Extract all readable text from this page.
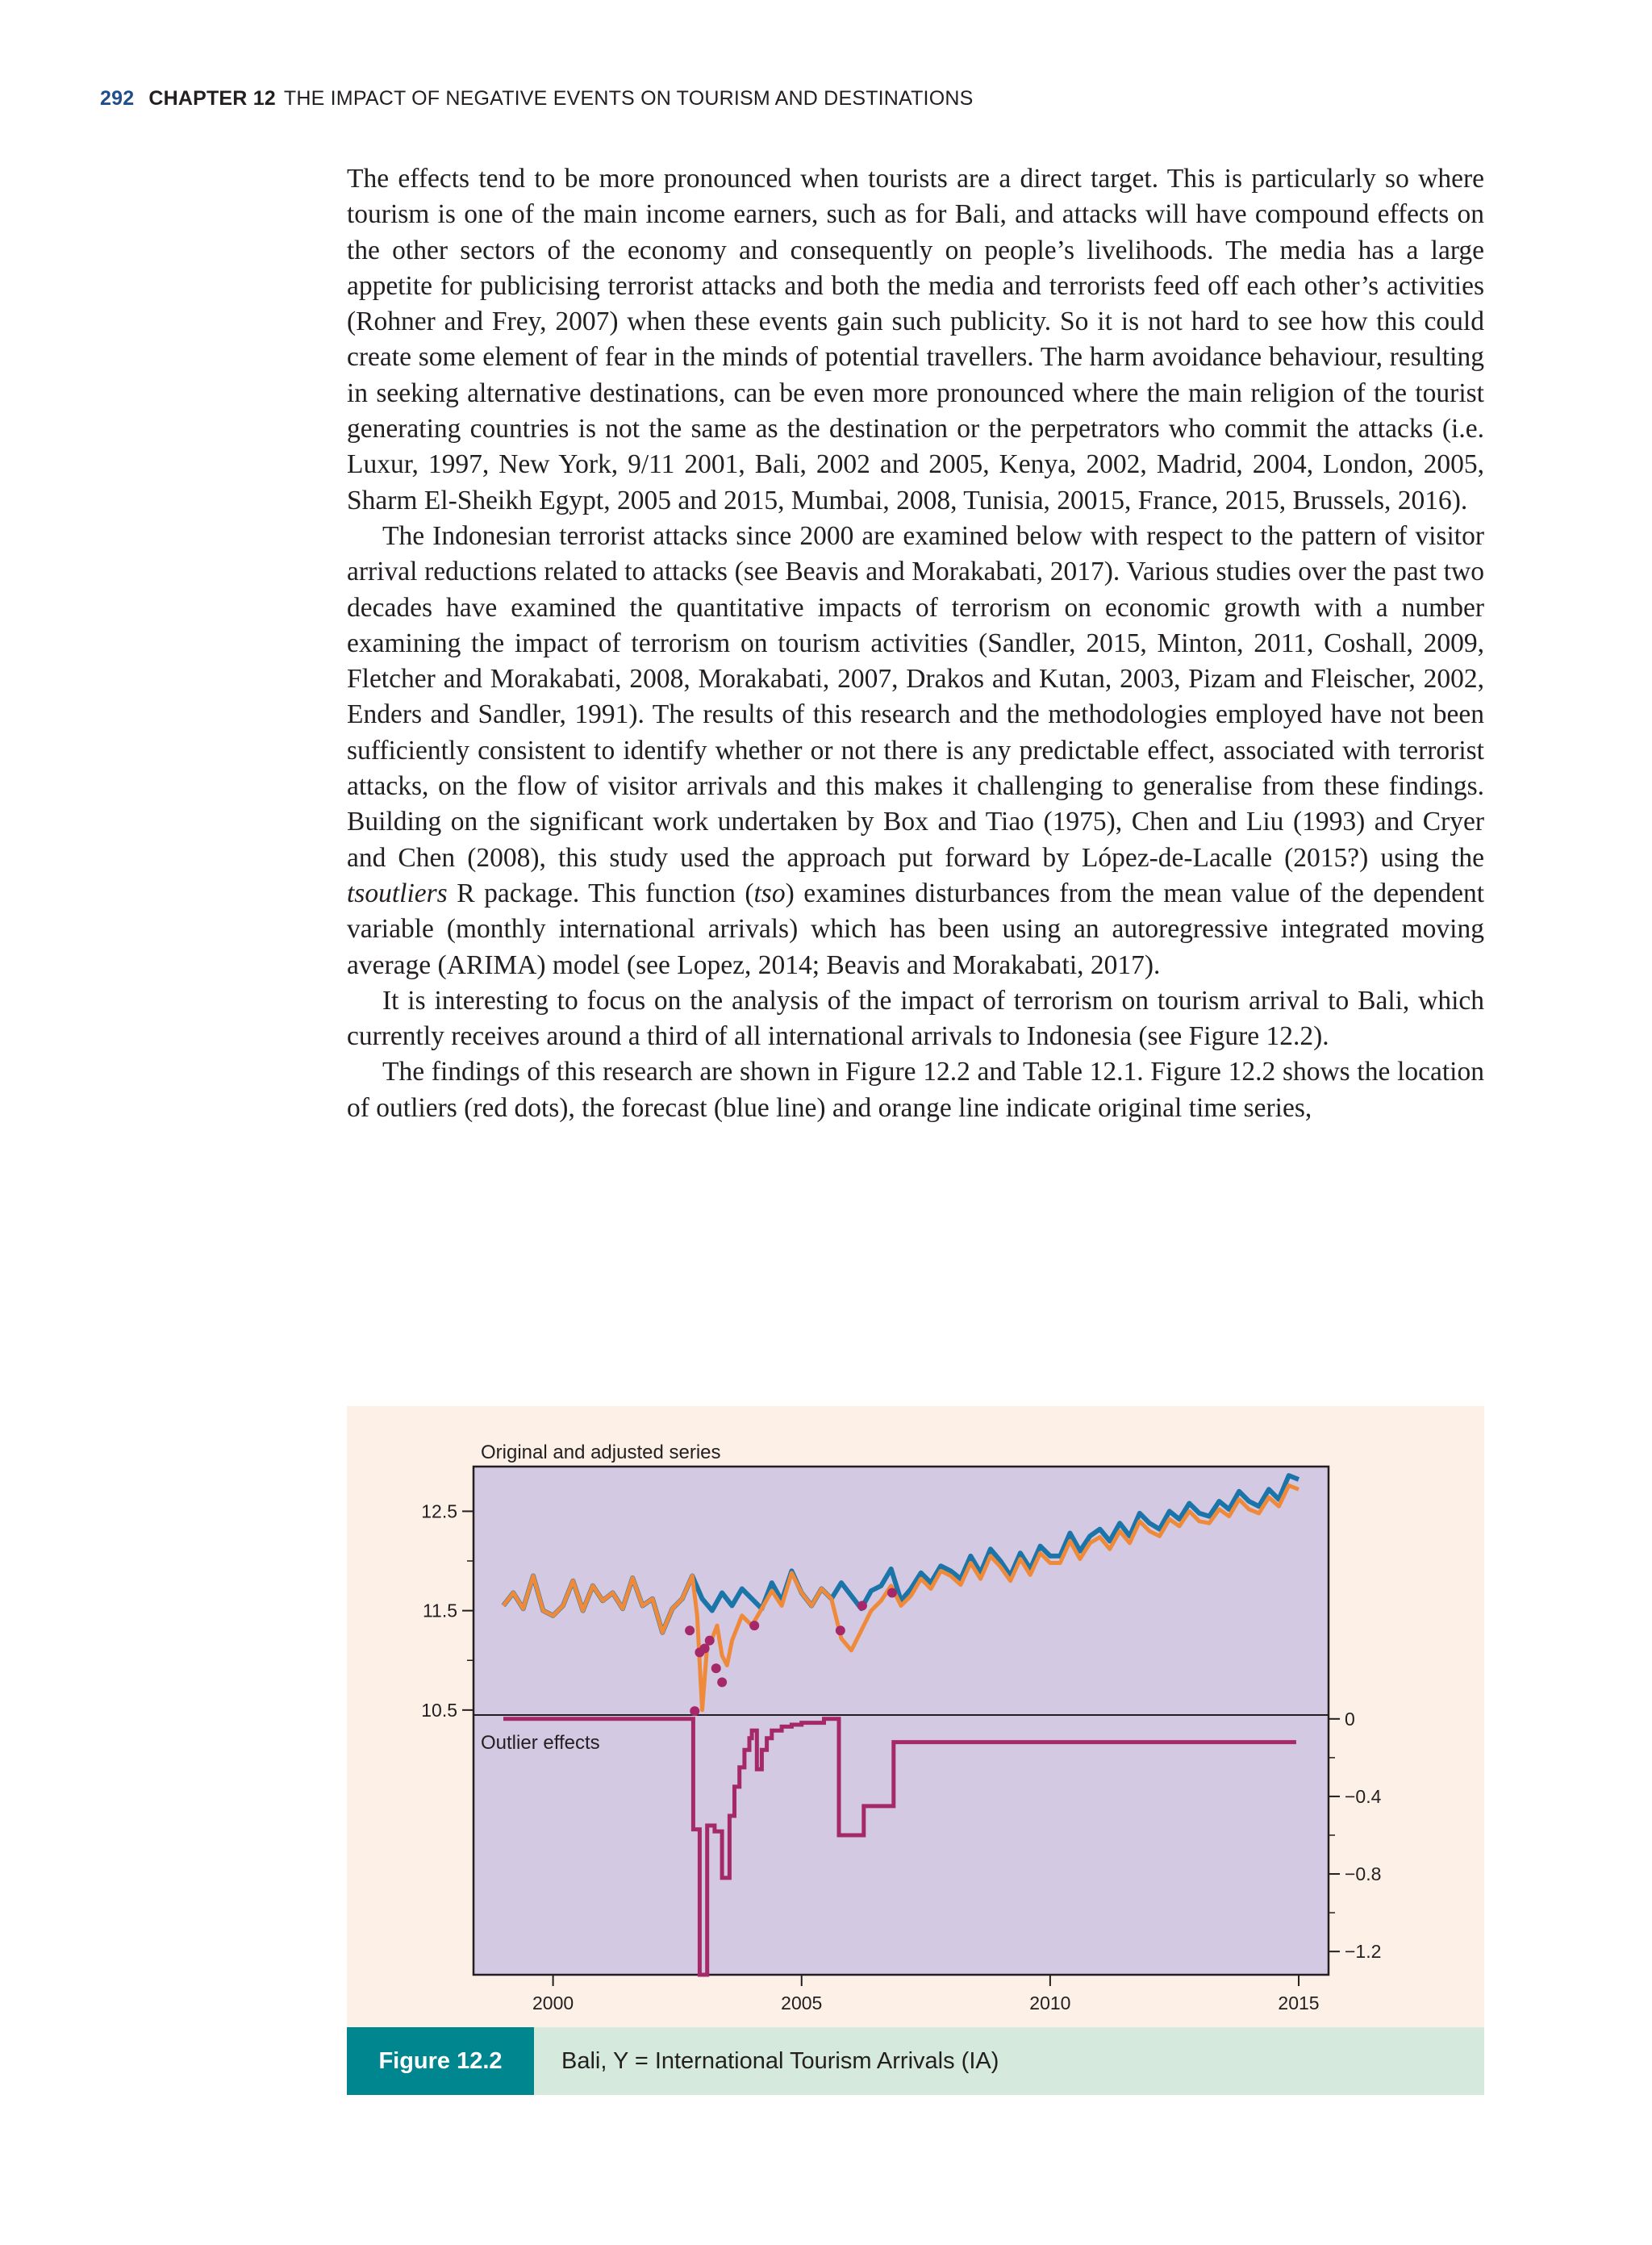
292 CHAPTER 12 THE IMPACT OF NEGATIVE EVENTS ON TOURISM AND DESTINATIONS

The effects tend to be more pronounced when tourists are a direct target. This is particularly so where tourism is one of the main income earners, such as for Bali, and attacks will have compound effects on the other sectors of the economy and consequently on people’s livelihoods. The media has a large appetite for publicising terrorist attacks and both the media and terrorists feed off each other’s activities (Rohner and Frey, 2007) when these events gain such publicity. So it is not hard to see how this could create some element of fear in the minds of potential travellers. The harm avoidance behaviour, resulting in seeking alternative destinations, can be even more pronounced where the main religion of the tourist generating countries is not the same as the destination or the perpetrators who commit the attacks (i.e. Luxur, 1997, New York, 9/11 2001, Bali, 2002 and 2005, Kenya, 2002, Madrid, 2004, London, 2005, Sharm El-Sheikh Egypt, 2005 and 2015, Mumbai, 2008, Tunisia, 20015, France, 2015, Brussels, 2016).

The Indonesian terrorist attacks since 2000 are examined below with respect to the pattern of visitor arrival reductions related to attacks (see Beavis and Morakabati, 2017). Various studies over the past two decades have examined the quantitative impacts of terrorism on economic growth with a number examining the impact of terrorism on tourism activities (Sandler, 2015, Minton, 2011, Coshall, 2009, Fletcher and Morakabati, 2008, Morakabati, 2007, Drakos and Kutan, 2003, Pizam and Fleischer, 2002, Enders and Sandler, 1991). The results of this research and the methodologies employed have not been sufficiently consistent to identify whether or not there is any predictable effect, associated with terrorist attacks, on the flow of visitor arrivals and this makes it challenging to generalise from these findings. Building on the significant work undertaken by Box and Tiao (1975), Chen and Liu (1993) and Cryer and Chen (2008), this study used the approach put forward by López-de-Lacalle (2015?) using the tsoutliers R package. This function (tso) examines disturbances from the mean value of the dependent variable (monthly international arrivals) which has been using an autoregressive integrated moving average (ARIMA) model (see Lopez, 2014; Beavis and Morakabati, 2017).

It is interesting to focus on the analysis of the impact of terrorism on tourism arrival to Bali, which currently receives around a third of all international arrivals to Indonesia (see Figure 12.2).

The findings of this research are shown in Figure 12.2 and Table 12.1. Figure 12.2 shows the location of outliers (red dots), the forecast (blue line) and orange line indicate original time series,

Original and adjusted series
Outlier effects
10.5
11.5
12.5
0
−0.4
−0.8
−1.2
2000	2005	2010	2015
Figure 12.2	Bali, Y = International Tourism Arrivals (IA)
